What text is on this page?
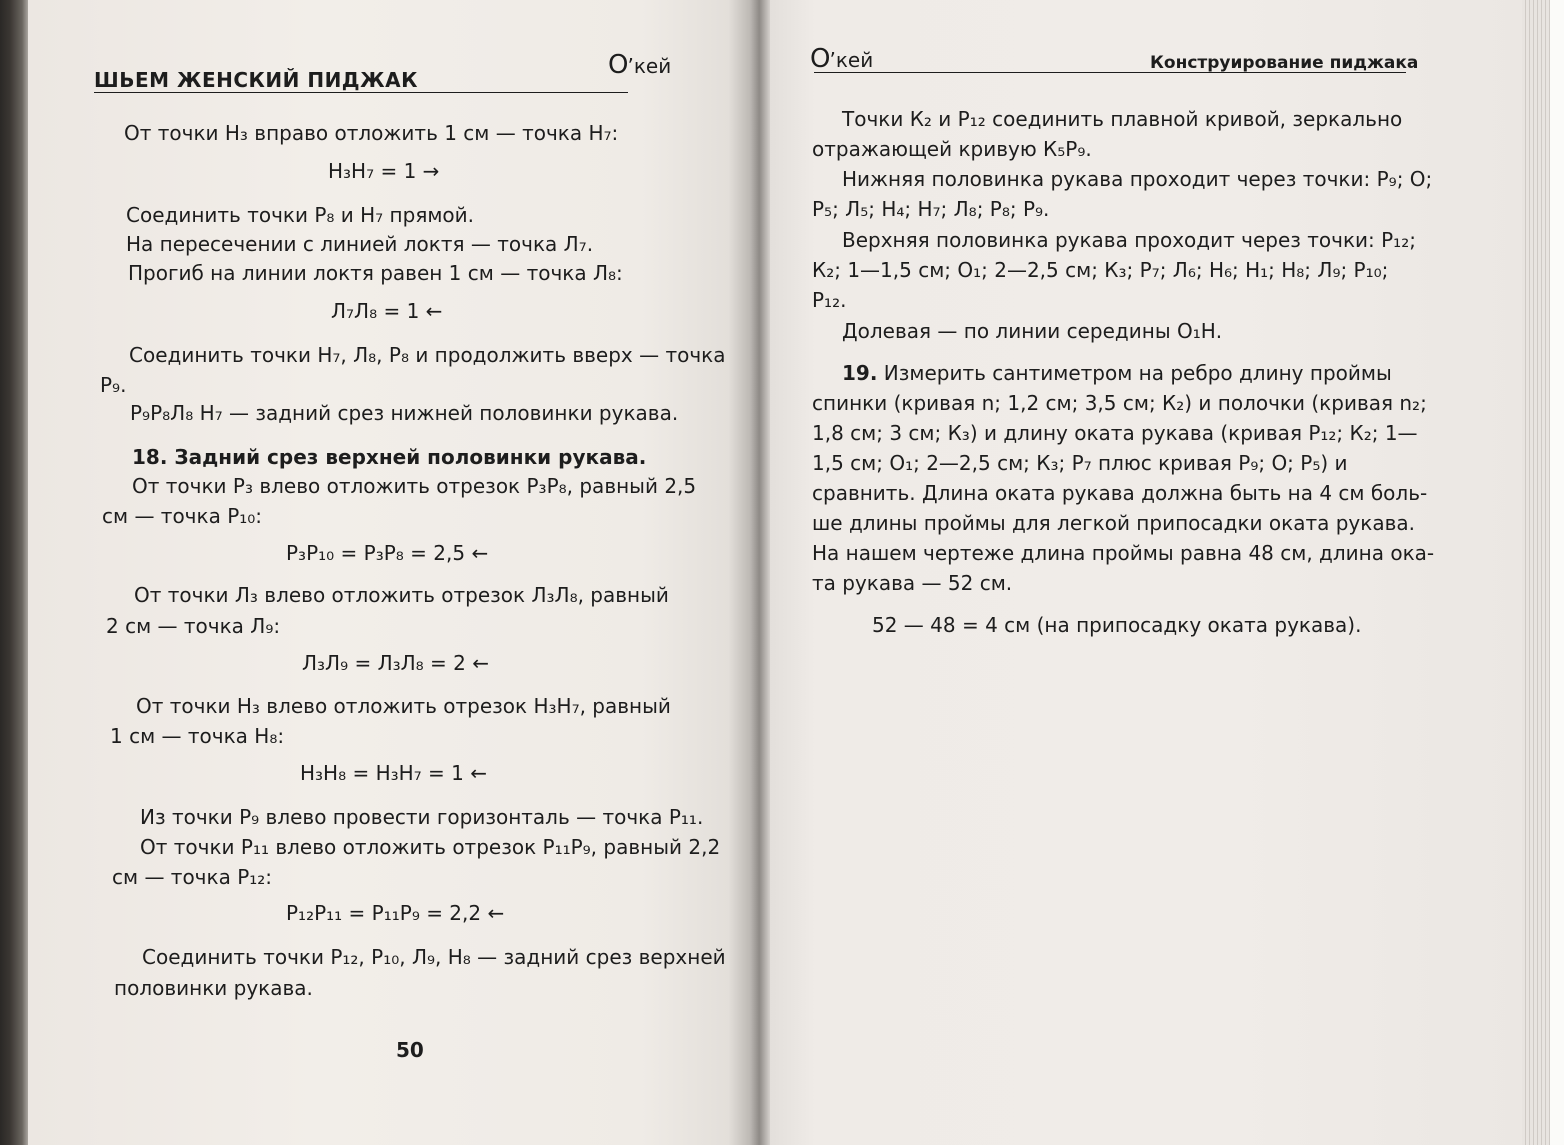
ШЬЕМ ЖЕНСКИЙ ПИДЖАК	O’кей
От точки Н₃ вправо отложить 1 см — точка Н₇:
Н₃Н₇ = 1 →
Соединить точки Р₈ и Н₇ прямой.
На пересечении с линией локтя — точка Л₇.
Прогиб на линии локтя равен 1 см — точка Л₈:
Л₇Л₈ = 1 ←
Соединить точки Н₇, Л₈, Р₈ и продолжить вверх — точка
Р₉.
Р₉Р₈Л₈ Н₇ — задний срез нижней половинки рукава.
18. Задний срез верхней половинки рукава.
От точки Р₃ влево отложить отрезок Р₃Р₈, равный 2,5
см — точка Р₁₀:
Р₃Р₁₀ = Р₃Р₈ = 2,5 ←
От точки Л₃ влево отложить отрезок Л₃Л₈, равный
2 см — точка Л₉:
Л₃Л₉ = Л₃Л₈ = 2 ←
От точки Н₃ влево отложить отрезок Н₃Н₇, равный
1 см — точка Н₈:
Н₃Н₈ = Н₃Н₇ = 1 ←
Из точки Р₉ влево провести горизонталь — точка Р₁₁.
От точки Р₁₁ влево отложить отрезок Р₁₁Р₉, равный 2,2
см — точка Р₁₂:
Р₁₂Р₁₁ = Р₁₁Р₉ = 2,2 ←
Соединить точки Р₁₂, Р₁₀, Л₉, Н₈ — задний срез верхней
половинки рукава.
50
O’кей	Конструирование пиджака
Точки К₂ и Р₁₂ соединить плавной кривой, зеркально
отражающей кривую К₅Р₉.
Нижняя половинка рукава проходит через точки: Р₉; О;
Р₅; Л₅; Н₄; Н₇; Л₈; Р₈; Р₉.
Верхняя половинка рукава проходит через точки: Р₁₂;
К₂; 1—1,5 см; О₁; 2—2,5 см; К₃; Р₇; Л₆; Н₆; Н₁; Н₈; Л₉; Р₁₀;
Р₁₂.
Долевая — по линии середины О₁Н.
19. Измерить сантиметром на ребро длину проймы
спинки (кривая n; 1,2 см; 3,5 см; К₂) и полочки (кривая n₂;
1,8 см; 3 см; К₃) и длину оката рукава (кривая Р₁₂; К₂; 1—
1,5 см; О₁; 2—2,5 см; К₃; Р₇ плюс кривая Р₉; О; Р₅) и
сравнить. Длина оката рукава должна быть на 4 см боль-
ше длины проймы для легкой припосадки оката рукава.
На нашем чертеже длина проймы равна 48 см, длина ока-
та рукава — 52 см.
52 — 48 = 4 см (на припосадку оката рукава).
